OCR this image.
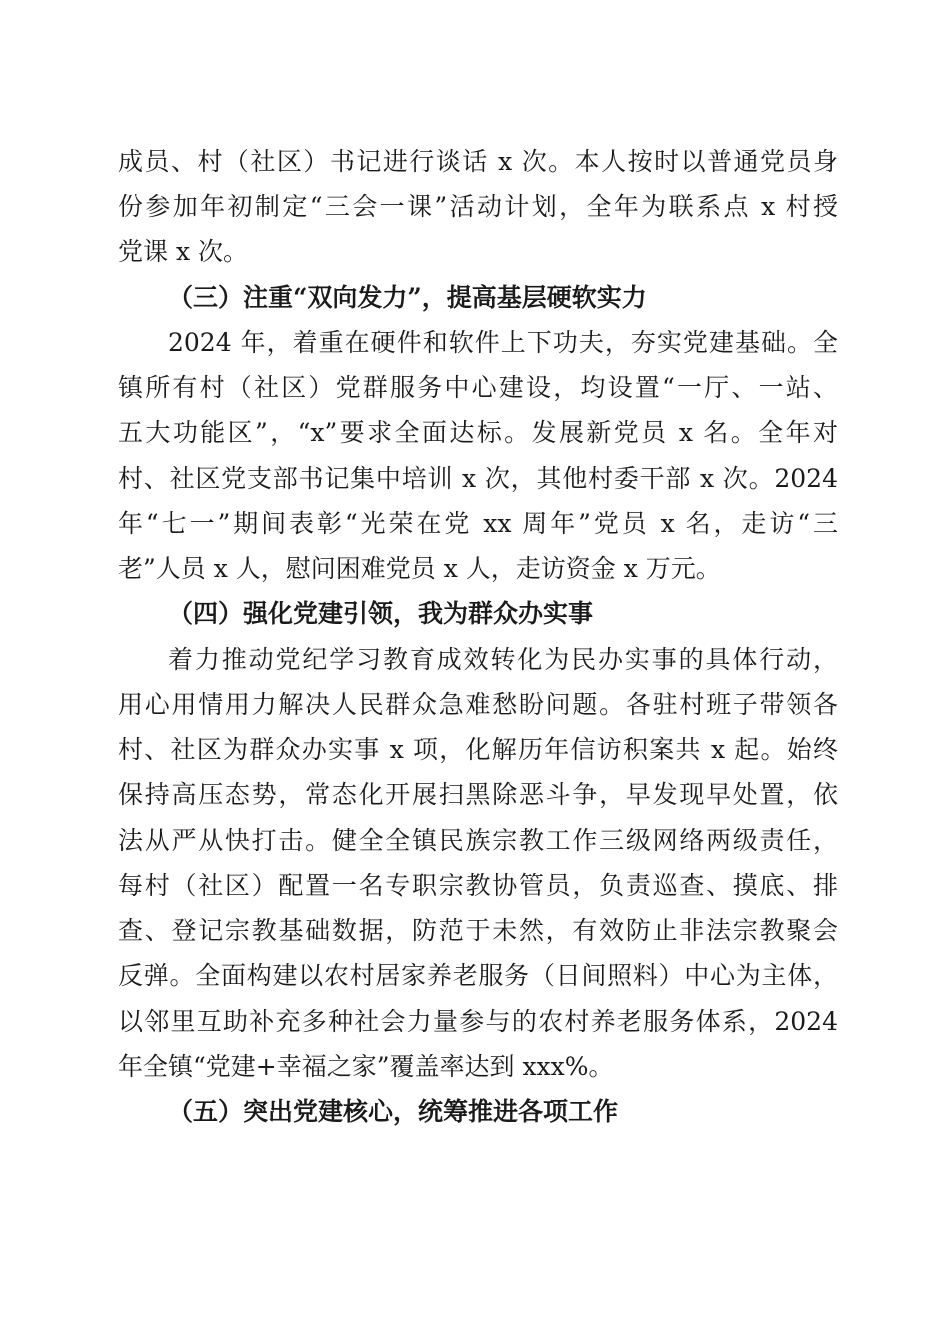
成员、村（社区）书记进行谈话 x 次。本人按时以普通党员身
份参加年初制定“三会一课”活动计划，全年为联系点 x 村授
党课 x 次。
（三）注重“双向发力”，提高基层硬软实力
2024 年，着重在硬件和软件上下功夫，夯实党建基础。全
镇所有村（社区）党群服务中心建设，均设置“一厅、一站、
五大功能区”，“x”要求全面达标。发展新党员 x 名。全年对
村、社区党支部书记集中培训 x 次，其他村委干部 x 次。2024
年“七一”期间表彰“光荣在党 xx 周年”党员 x 名，走访“三
老”人员 x 人，慰问困难党员 x 人，走访资金 x 万元。
（四）强化党建引领，我为群众办实事
着力推动党纪学习教育成效转化为民办实事的具体行动，
用心用情用力解决人民群众急难愁盼问题。各驻村班子带领各
村、社区为群众办实事 x 项，化解历年信访积案共 x 起。始终
保持高压态势，常态化开展扫黑除恶斗争，早发现早处置，依
法从严从快打击。健全全镇民族宗教工作三级网络两级责任，
每村（社区）配置一名专职宗教协管员，负责巡查、摸底、排
查、登记宗教基础数据，防范于未然，有效防止非法宗教聚会
反弹。全面构建以农村居家养老服务（日间照料）中心为主体，
以邻里互助补充多种社会力量参与的农村养老服务体系，2024
年全镇“党建+幸福之家”覆盖率达到 xxx%。
（五）突出党建核心，统筹推进各项工作
